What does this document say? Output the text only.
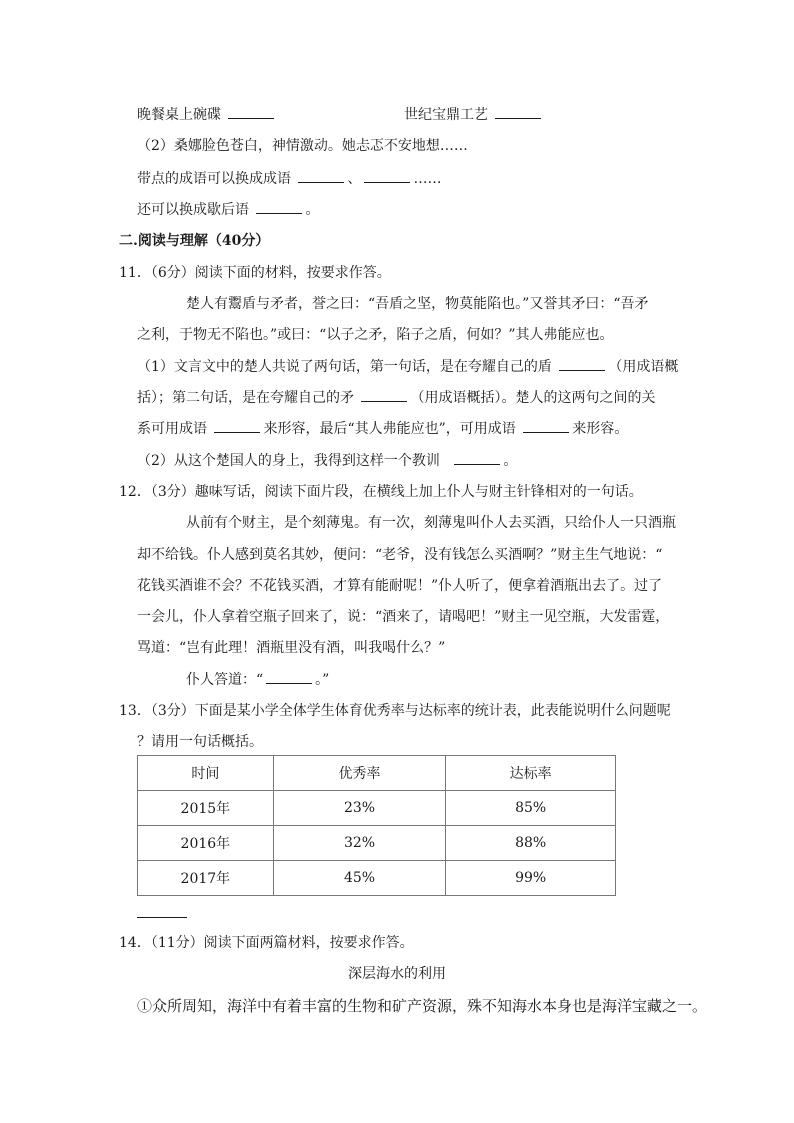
晚餐桌上碗碟	世纪宝鼎工艺
（2）桑娜脸色苍白，神情激动。她忐忑不安地想……
带点的成语可以换成成语	、	……
还可以换成歇后语	。
二.阅读与理解（40分）
11．（6分）阅读下面的材料，按要求作答。
楚人有鬻盾与矛者，誉之曰：“吾盾之坚，物莫能陷也。”又誉其矛曰：“吾矛
之利，于物无不陷也。”或曰：“以子之矛，陷子之盾，何如？”其人弗能应也。
（1）文言文中的楚人共说了两句话，第一句话，是在夸耀自己的盾	（用成语概
括）；第二句话，是在夸耀自己的矛	（用成语概括）。楚人的这两句之间的关
系可用成语	来形容，最后“其人弗能应也”，可用成语	来形容。
（2）从这个楚国人的身上，我得到这样一个教训	。
12．（3分）趣味写话，阅读下面片段，在横线上加上仆人与财主针锋相对的一句话。
从前有个财主，是个刻薄鬼。有一次，刻薄鬼叫仆人去买酒，只给仆人一只酒瓶
却不给钱。仆人感到莫名其妙，便问：“老爷，没有钱怎么买酒啊？”财主生气地说：“
花钱买酒谁不会？不花钱买酒，才算有能耐呢！”仆人听了，便拿着酒瓶出去了。过了
一会儿，仆人拿着空瓶子回来了，说：“酒来了，请喝吧！”财主一见空瓶，大发雷霆，
骂道：“岂有此理！酒瓶里没有酒，叫我喝什么？”
仆人答道：“	。”
13．（3分）下面是某小学全体学生体育优秀率与达标率的统计表，此表能说明什么问题呢
？请用一句话概括。
时间	优秀率	达标率
2015年	23%	85%
2016年	32%	88%
2017年	45%	99%
14．（11分）阅读下面两篇材料，按要求作答。
深层海水的利用
①众所周知，海洋中有着丰富的生物和矿产资源，殊不知海水本身也是海洋宝藏之一。
